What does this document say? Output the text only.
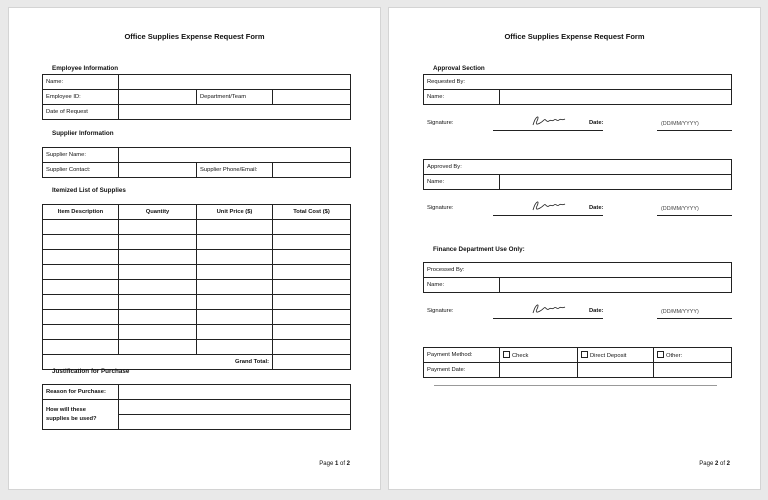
Office Supplies Expense Request Form
Employee Information
Name:			
Employee ID:		Department/Team	
Date of Request			
Supplier Information
Supplier Name:			
Supplier Contact:		Supplier Phone/Email:	
Itemized List of Supplies
Item Description	Quantity	Unit Price ($)	Total Cost ($)

Grand Total:			
Justification for Purchase
Reason for Purchase:	

How will these
supplies be used?	

Page 1 of 2
Office Supplies Expense Request Form
Approval Section
Requested By:
Name:	
Signature:	Date:	(DD/MM/YYYY)
Approved By:
Name:	
Signature:	Date:	(DD/MM/YYYY)
Finance Department Use Only:
Processed By:
Name:	
Signature:	Date:	(DD/MM/YYYY)
Payment Method:	Check	Direct Deposit	Other:
Payment Date:			
Page 2 of 2
